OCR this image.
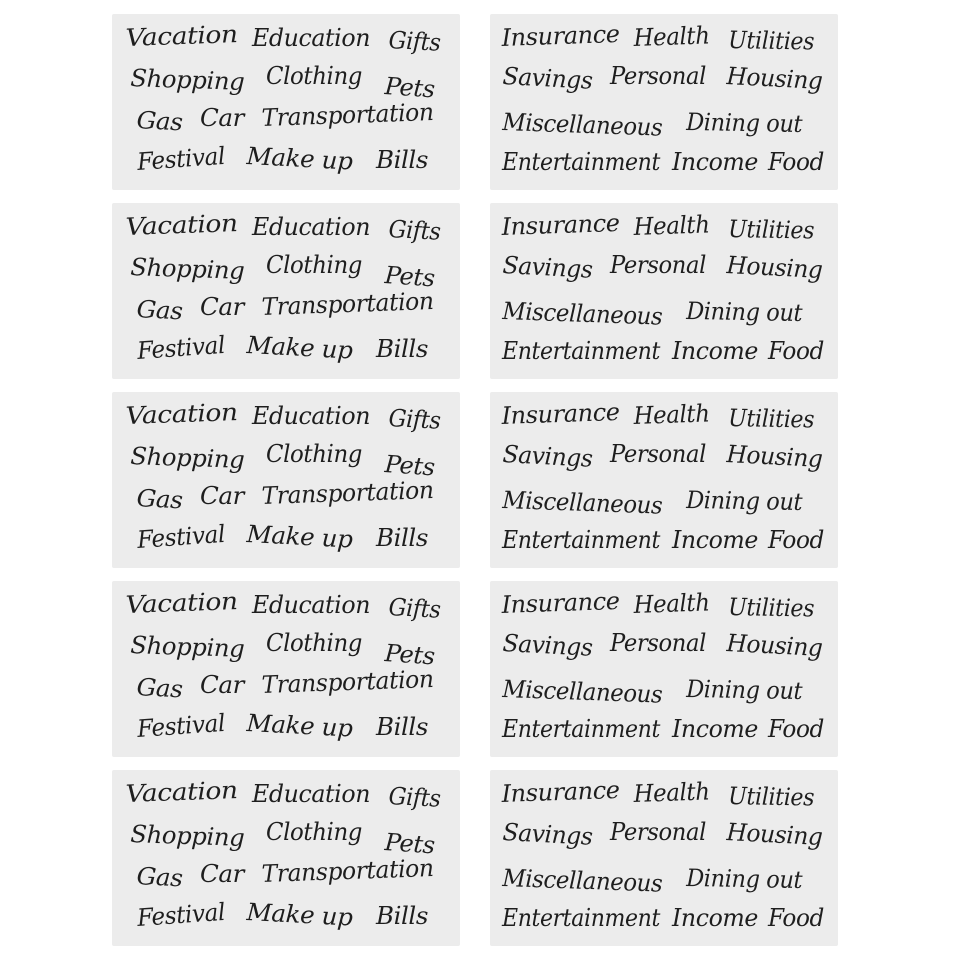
Vacation Education Gifts
Shopping Clothing Pets
Gas Car Transportation
Festival Make up Bills
Insurance Health Utilities
Savings Personal Housing
Miscellaneous Dining out
Entertainment Income Food
Vacation Education Gifts
Shopping Clothing Pets
Gas Car Transportation
Festival Make up Bills
Insurance Health Utilities
Savings Personal Housing
Miscellaneous Dining out
Entertainment Income Food
Vacation Education Gifts
Shopping Clothing Pets
Gas Car Transportation
Festival Make up Bills
Insurance Health Utilities
Savings Personal Housing
Miscellaneous Dining out
Entertainment Income Food
Vacation Education Gifts
Shopping Clothing Pets
Gas Car Transportation
Festival Make up Bills
Insurance Health Utilities
Savings Personal Housing
Miscellaneous Dining out
Entertainment Income Food
Vacation Education Gifts
Shopping Clothing Pets
Gas Car Transportation
Festival Make up Bills
Insurance Health Utilities
Savings Personal Housing
Miscellaneous Dining out
Entertainment Income Food
